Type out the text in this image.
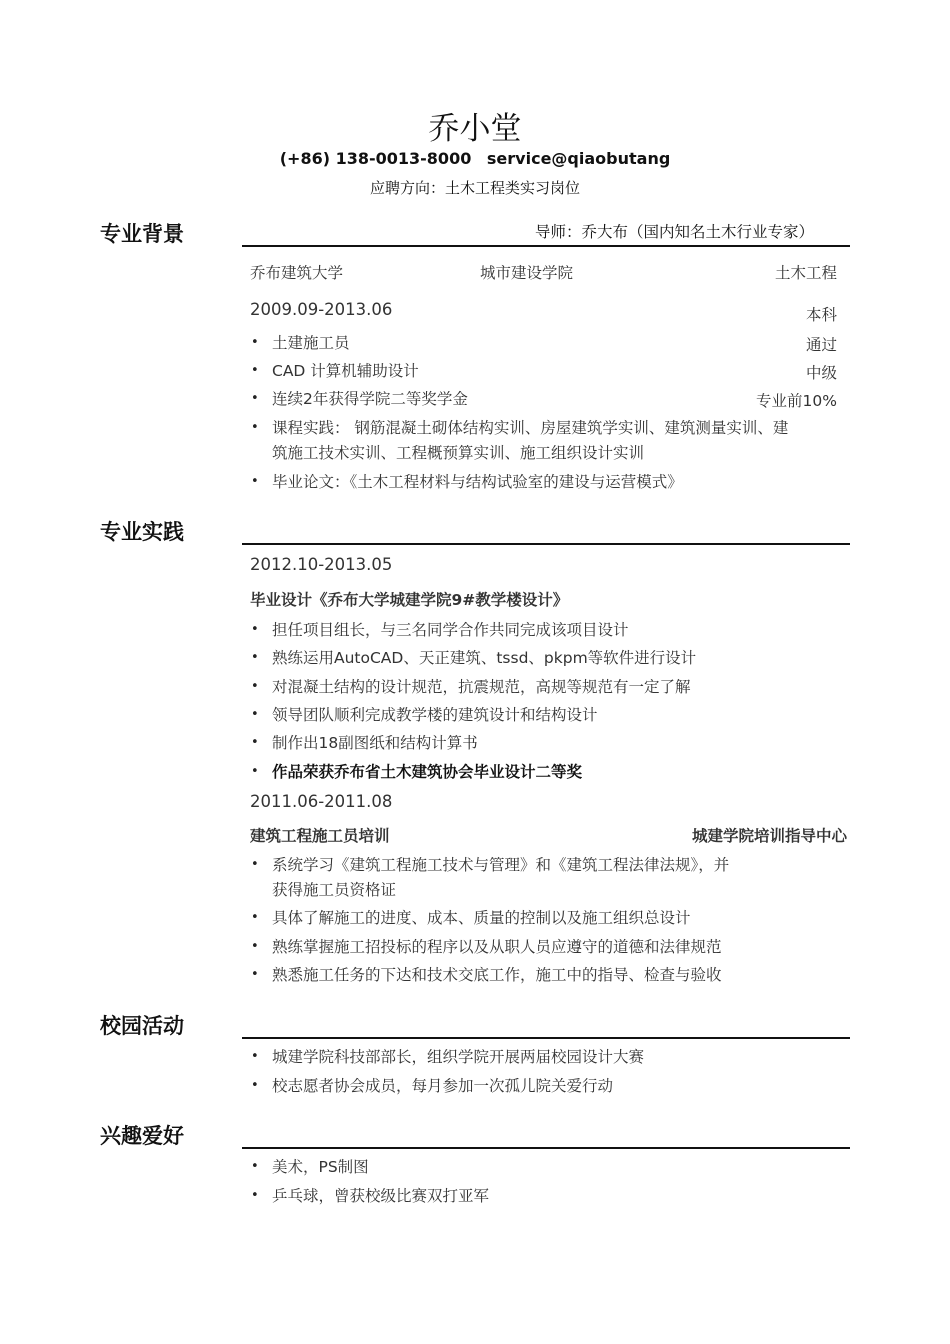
乔小堂
(+86) 138-0013-8000 service@qiaobutang
应聘方向：土木工程类实习岗位
专业背景	导师：乔大布（国内知名土木行业专家）
乔布建筑大学	城市建设学院	土木工程
2009.09-2013.06	本科
• 土建施工员	通过
• CAD 计算机辅助设计	中级
• 连续2年获得学院二等奖学金	专业前10%
• 课程实践： 钢筋混凝土砌体结构实训、房屋建筑学实训、建筑测量实训、建
筑施工技术实训、工程概预算实训、施工组织设计实训
• 毕业论文：《土木工程材料与结构试验室的建设与运营模式》
专业实践
2012.10-2013.05
毕业设计《乔布大学城建学院9#教学楼设计》
• 担任项目组长，与三名同学合作共同完成该项目设计
• 熟练运用AutoCAD、天正建筑、tssd、pkpm等软件进行设计
• 对混凝土结构的设计规范，抗震规范，高规等规范有一定了解
• 领导团队顺利完成教学楼的建筑设计和结构设计
• 制作出18副图纸和结构计算书
• 作品荣获乔布省土木建筑协会毕业设计二等奖
2011.06-2011.08
建筑工程施工员培训	城建学院培训指导中心
• 系统学习《建筑工程施工技术与管理》和《建筑工程法律法规》，并
获得施工员资格证
• 具体了解施工的进度、成本、质量的控制以及施工组织总设计
• 熟练掌握施工招投标的程序以及从职人员应遵守的道德和法律规范
• 熟悉施工任务的下达和技术交底工作，施工中的指导、检查与验收
校园活动
• 城建学院科技部部长，组织学院开展两届校园设计大赛
• 校志愿者协会成员，每月参加一次孤儿院关爱行动
兴趣爱好
• 美术，PS制图
• 乒乓球，曾获校级比赛双打亚军
